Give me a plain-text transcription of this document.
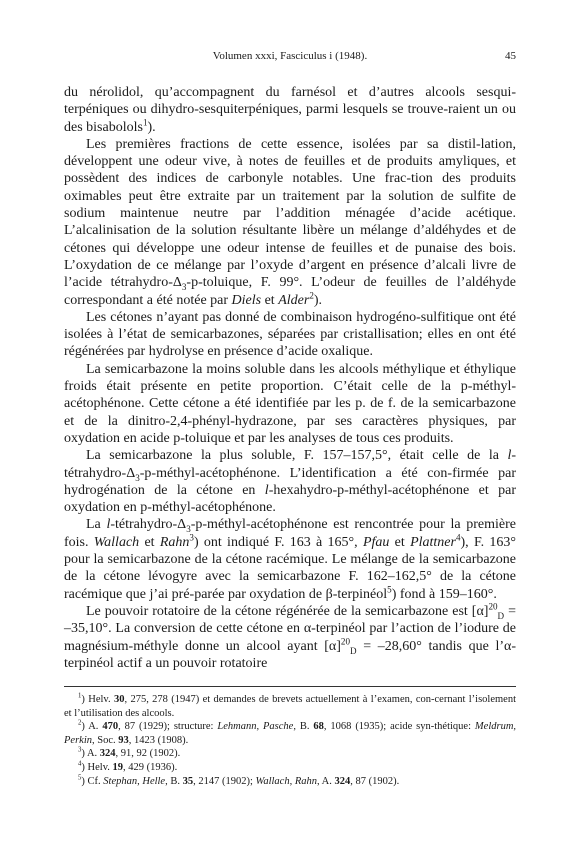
Volumen xxxi, Fasciculus i (1948).	45

du nérolidol, qu’accompagnent du farnésol et d’autres alcools sesqui-terpéniques ou dihydro-sesquiterpéniques, parmi lesquels se trouve-raient un ou des bisabolols$^1$).

Les premières fractions de cette essence, isolées par sa distil-lation, développent une odeur vive, à notes de feuilles et de produits amyliques, et possèdent des indices de carbonyle notables. Une frac-tion des produits oximables peut être extraite par un traitement par la solution de sulfite de sodium maintenue neutre par l’addition ménagée d’acide acétique. L’alcalinisation de la solution résultante libère un mélange d’aldéhydes et de cétones qui développe une odeur intense de feuilles et de punaise des bois. L’oxydation de ce mélange par l’oxyde d’argent en présence d’alcali livre de l’acide tétrahydro-$\Delta_3-p$-toluique, F. 99°. L’odeur de feuilles de l’aldéhyde correspondant a été notée par Diels et Alder$^2$).

Les cétones n’ayant pas donné de combinaison hydrogéno-sulfitique ont été isolées à l’état de semicarbazones, séparées par cristallisation; elles en ont été régénérées par hydrolyse en présence d’acide oxalique.

La semicarbazone la moins soluble dans les alcools méthylique et éthylique froids était présente en petite proportion. C’était celle de la p-méthyl-acétophénone. Cette cétone a été identifiée par les p. de f. de la semicarbazone et de la dinitro-2,4-phényl-hydrazone, par ses caractères physiques, par oxydation en acide p-toluique et par les analyses de tous ces produits.

La semicarbazone la plus soluble, F. 157–157,5°, était celle de la $l-tétrahydro-\Delta_3-p-méthyl$-acétophénone. L’identification a été con-firmée par hydrogénation de la cétone en l-hexahydro-p-méthyl-acétophénone et par oxydation en p-méthyl-acétophénone.

La $l-tétrahydro-\Delta_3-p-méthyl$-acétophénone est rencontrée pour la première fois. Wallach et Rahn$^3$) ont indiqué F. 163 à 165°, Pfau et Plattner$^4$), F. 163° pour la semicarbazone de la cétone racémique. Le mélange de la semicarbazone de la cétone lévogyre avec la semicarbazone F. 162–162,5° de la cétone racémique que j’ai pré-parée par oxydation de β-terpinéol$^5$) fond à 159–160°.

Le pouvoir rotatoire de la cétone régénérée de la semicarbazone est $[\alpha]^{20}_D = -35,10^\circ$. La conversion de cette cétone en α-terpinéol par l’action de l’iodure de magnésium-méthyle donne un alcool ayant $[\alpha]^{20}_D = -28,60^\circ$ tandis que l’α-terpinéol actif a un pouvoir rotatoire

$^1$) Helv. 30, 275, 278 (1947) et demandes de brevets actuellement à l’examen, con-cernant l’isolement et l’utilisation des alcools.

$^2$) A. 470, 87 (1929); structure: Lehmann, Pasche, B. 68, 1068 (1935); acide syn-thétique: Meldrum, Perkin, Soc. 93, 1423 (1908).

$^3$) A. 324, 91, 92 (1902).

$^4$) Helv. 19, 429 (1936).

$^5$) Cf. Stephan, Helle, B. 35, 2147 (1902); Wallach, Rahn, A. 324, 87 (1902).
